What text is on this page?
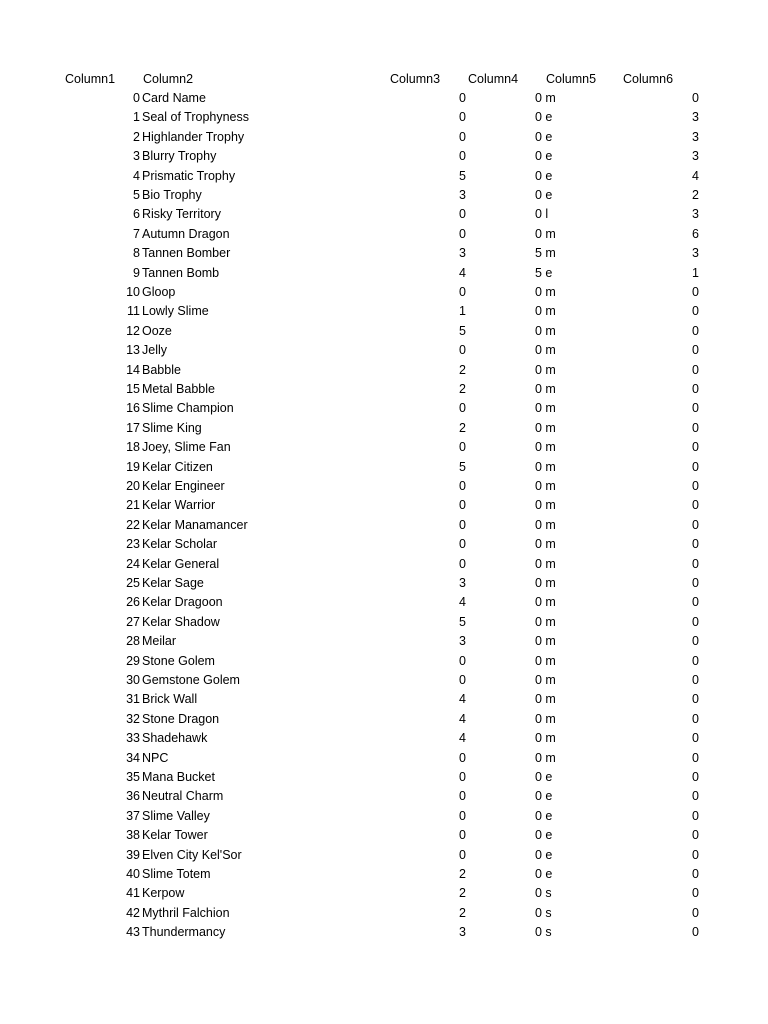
Column1 Column2	Column3 Column4 Column5 Column6
0 Card Name	0	0 m	0
1 Seal of Trophyness	0	0 e	3
2 Highlander Trophy	0	0 e	3
3 Blurry Trophy	0	0 e	3
4 Prismatic Trophy	5	0 e	4
5 Bio Trophy	3	0 e	2
6 Risky Territory	0	0 l	3
7 Autumn Dragon	0	0 m	6
8 Tannen Bomber	3	5 m	3
9 Tannen Bomb	4	5 e	1
10 Gloop	0	0 m	0
11 Lowly Slime	1	0 m	0
12 Ooze	5	0 m	0
13 Jelly	0	0 m	0
14 Babble	2	0 m	0
15 Metal Babble	2	0 m	0
16 Slime Champion	0	0 m	0
17 Slime King	2	0 m	0
18 Joey, Slime Fan	0	0 m	0
19 Kelar Citizen	5	0 m	0
20 Kelar Engineer	0	0 m	0
21 Kelar Warrior	0	0 m	0
22 Kelar Manamancer	0	0 m	0
23 Kelar Scholar	0	0 m	0
24 Kelar General	0	0 m	0
25 Kelar Sage	3	0 m	0
26 Kelar Dragoon	4	0 m	0
27 Kelar Shadow	5	0 m	0
28 Meilar	3	0 m	0
29 Stone Golem	0	0 m	0
30 Gemstone Golem	0	0 m	0
31 Brick Wall	4	0 m	0
32 Stone Dragon	4	0 m	0
33 Shadehawk	4	0 m	0
34 NPC	0	0 m	0
35 Mana Bucket	0	0 e	0
36 Neutral Charm	0	0 e	0
37 Slime Valley	0	0 e	0
38 Kelar Tower	0	0 e	0
39 Elven City Kel'Sor	0	0 e	0
40 Slime Totem	2	0 e	0
41 Kerpow	2	0 s	0
42 Mythril Falchion	2	0 s	0
43 Thundermancy	3	0 s	0
